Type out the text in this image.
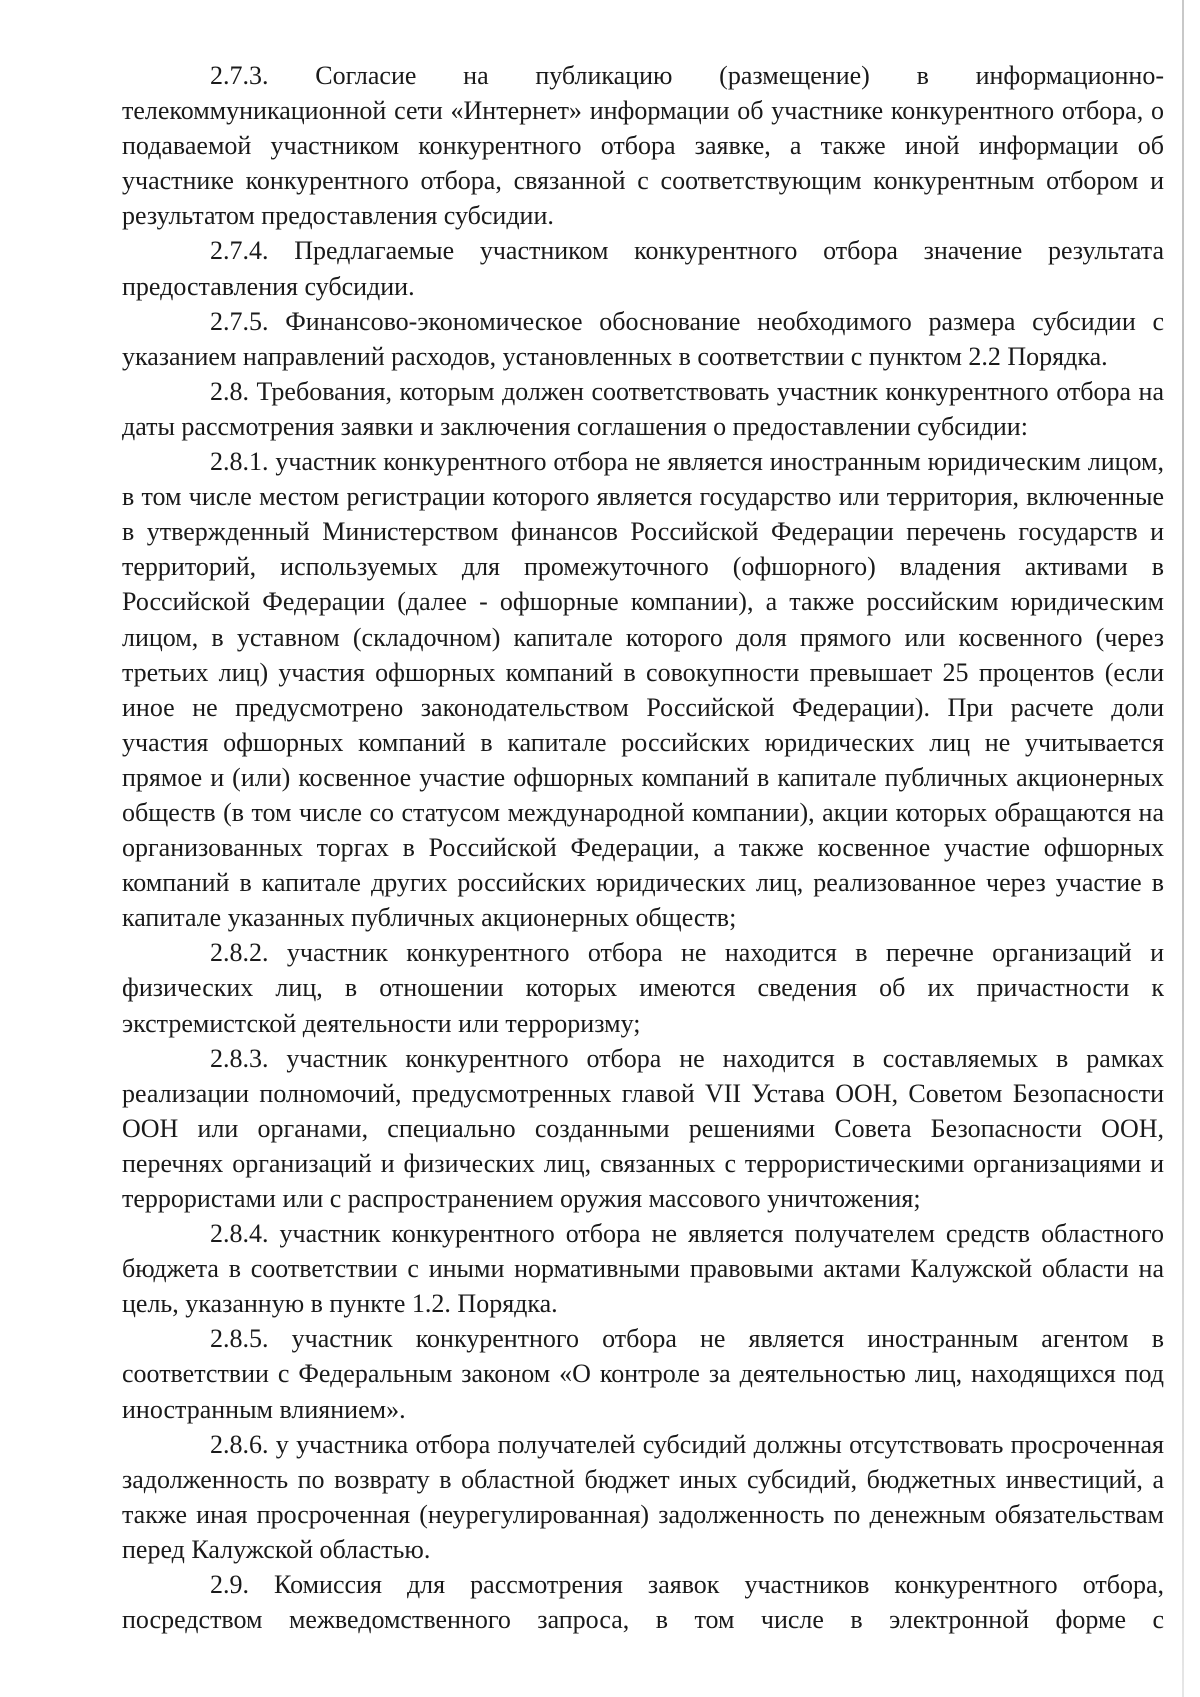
2.7.3. Согласие на публикацию (размещение) в информационно-телекоммуникационной сети «Интернет» информации об участнике конкурентного отбора, о подаваемой участником конкурентного отбора заявке, а также иной информации об участнике конкурентного отбора, связанной с соответствующим конкурентным отбором и результатом предоставления субсидии.

2.7.4. Предлагаемые участником конкурентного отбора значение результата предоставления субсидии.

2.7.5. Финансово-экономическое обоснование необходимого размера субсидии с указанием направлений расходов, установленных в соответствии с пунктом 2.2 Порядка.

2.8. Требования, которым должен соответствовать участник конкурентного отбора на даты рассмотрения заявки и заключения соглашения о предоставлении субсидии:

2.8.1. участник конкурентного отбора не является иностранным юридическим лицом, в том числе местом регистрации которого является государство или территория, включенные в утвержденный Министерством финансов Российской Федерации перечень государств и территорий, используемых для промежуточного (офшорного) владения активами в Российской Федерации (далее - офшорные компании), а также российским юридическим лицом, в уставном (складочном) капитале которого доля прямого или косвенного (через третьих лиц) участия офшорных компаний в совокупности превышает 25 процентов (если иное не предусмотрено законодательством Российской Федерации). При расчете доли участия офшорных компаний в капитале российских юридических лиц не учитывается прямое и (или) косвенное участие офшорных компаний в капитале публичных акционерных обществ (в том числе со статусом международной компании), акции которых обращаются на организованных торгах в Российской Федерации, а также косвенное участие офшорных компаний в капитале других российских юридических лиц, реализованное через участие в капитале указанных публичных акционерных обществ;

2.8.2. участник конкурентного отбора не находится в перечне организаций и физических лиц, в отношении которых имеются сведения об их причастности к экстремистской деятельности или терроризму;

2.8.3. участник конкурентного отбора не находится в составляемых в рамках реализации полномочий, предусмотренных главой VII Устава ООН, Советом Безопасности ООН или органами, специально созданными решениями Совета Безопасности ООН, перечнях организаций и физических лиц, связанных с террористическими организациями и террористами или с распространением оружия массового уничтожения;

2.8.4. участник конкурентного отбора не является получателем средств областного бюджета в соответствии с иными нормативными правовыми актами Калужской области на цель, указанную в пункте 1.2. Порядка.

2.8.5. участник конкурентного отбора не является иностранным агентом в соответствии с Федеральным законом «О контроле за деятельностью лиц, находящихся под иностранным влиянием».

2.8.6. у участника отбора получателей субсидий должны отсутствовать просроченная задолженность по возврату в областной бюджет иных субсидий, бюджетных инвестиций, а также иная просроченная (неурегулированная) задолженность по денежным обязательствам перед Калужской областью.

2.9. Комиссия для рассмотрения заявок участников конкурентного отбора, посредством межведомственного запроса, в том числе в электронной форме с
